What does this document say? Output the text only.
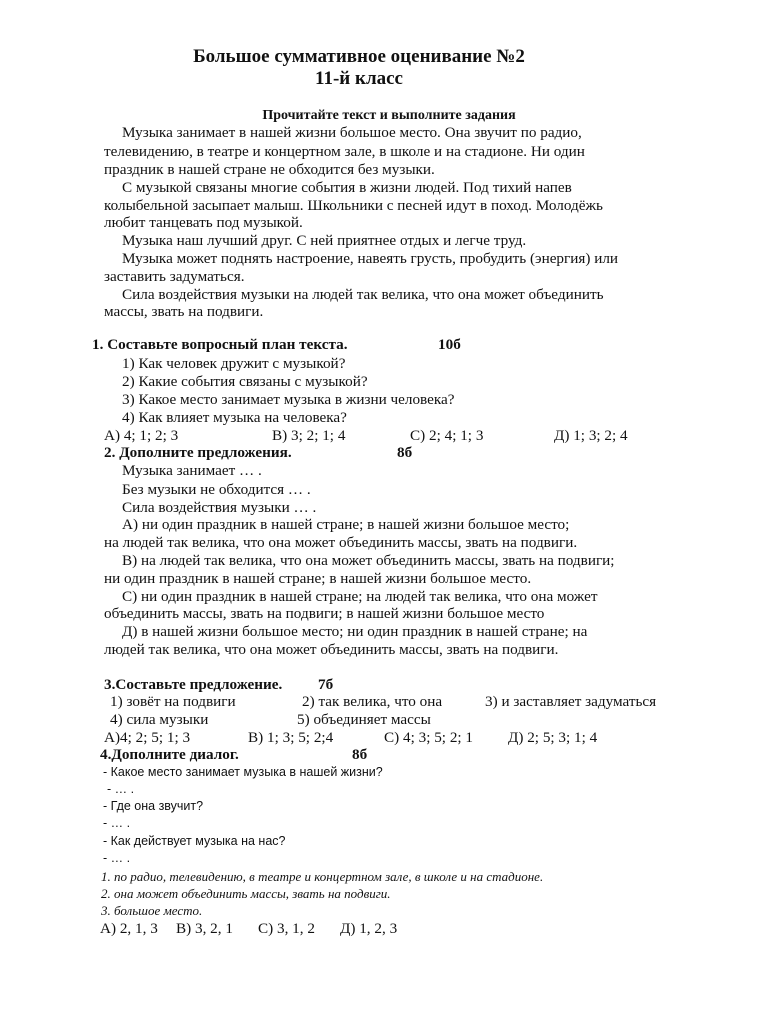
Большое суммативное оценивание №2
11-й класс
Прочитайте текст и выполните задания
Музыка занимает в нашей жизни большое место. Она звучит по радио,
телевидению, в театре и концертном зале, в школе и на стадионе. Ни один
праздник в нашей стране не обходится без музыки.
С музыкой связаны многие события в жизни людей. Под тихий напев
колыбельной засыпает малыш. Школьники с песней идут в поход. Молодёжь
любит танцевать под музыкой.
Музыка наш лучший друг. С ней приятнее отдых и легче труд.
Музыка может поднять настроение, навеять грусть, пробудить (энергия) или
заставить задуматься.
Сила воздействия музыки на людей так велика, что она может объединить
массы, звать на подвиги.
1. Составьте вопросный план текста.	10б
1) Как человек дружит с музыкой?
2) Какие события связаны с музыкой?
3) Какое место занимает музыка в жизни человека?
4) Как влияет музыка на человека?
А) 4; 1; 2; 3	В) 3; 2; 1; 4	С) 2; 4; 1; 3	Д) 1; 3; 2; 4
2. Дополните предложения.	8б
Музыка занимает … .
Без музыки не обходится … .
Сила воздействия музыки … .
А) ни один праздник в нашей стране; в нашей жизни большое место;
на людей так велика, что она может объединить массы, звать на подвиги.
В) на людей так велика, что она может объединить массы, звать на подвиги;
ни один праздник в нашей стране; в нашей жизни большое место.
С) ни один праздник в нашей стране; на людей так велика, что она может
объединить массы, звать на подвиги; в нашей жизни большое место
Д) в нашей жизни большое место; ни один праздник в нашей стране; на
людей так велика, что она может объединить массы, звать на подвиги.
3.Составьте предложение. 7б
1) зовёт на подвиги	2) так велика, что она	3) и заставляет задуматься
4) сила музыки	5) объединяет массы
А)4; 2; 5; 1; 3	В) 1; 3; 5; 2;4	С) 4; 3; 5; 2; 1 Д) 2; 5; 3; 1; 4
4.Дополните диалог.	8б
- Какое место занимает музыка в нашей жизни?
- … .
- Где она звучит?
- … .
- Как действует музыка на нас?
- … .
1. по радио, телевидению, в театре и концертном зале, в школе и на стадионе.
2. она может объединить массы, звать на подвиги.
3. большое место.
А) 2, 1, 3 В) 3, 2, 1 С) 3, 1, 2 Д) 1, 2, 3
